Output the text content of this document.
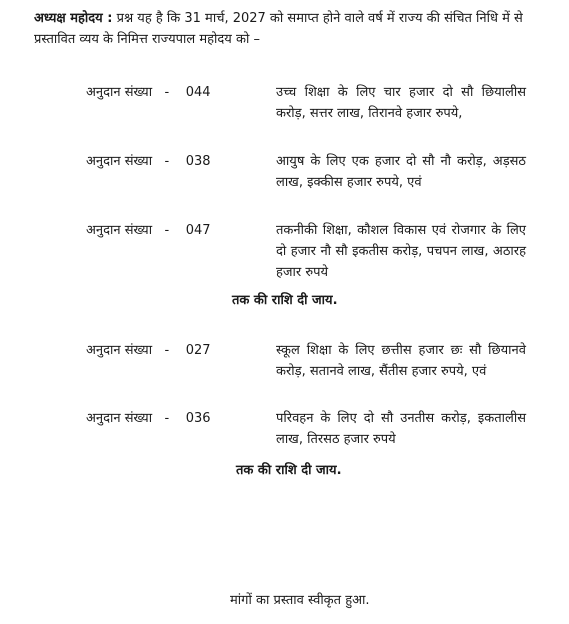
अध्यक्ष महोदय : प्रश्न यह है कि 31 मार्च, 2027 को समाप्त होने वाले वर्ष में राज्य की संचित निधि में से प्रस्तावित व्यय के निमित्त राज्यपाल महोदय को –
अनुदान संख्या - 044	उच्च शिक्षा के लिए चार हजार दो सौ छियालीस करोड़, सत्तर लाख, तिरानवे हजार रुपये,
अनुदान संख्या - 038	आयुष के लिए एक हजार दो सौ नौ करोड़, अड़सठ लाख, इक्कीस हजार रुपये, एवं
अनुदान संख्या - 047	तकनीकी शिक्षा, कौशल विकास एवं रोजगार के लिए दो हजार नौ सौ इकतीस करोड़, पचपन लाख, अठारह हजार रुपये
तक की राशि दी जाय.
अनुदान संख्या - 027	स्कूल शिक्षा के लिए छत्तीस हजार छः सौ छियानवे करोड़, सतानवे लाख, सैंतीस हजार रुपये, एवं
अनुदान संख्या - 036	परिवहन के लिए दो सौ उनतीस करोड़, इकतालीस लाख, तिरसठ हजार रुपये
तक की राशि दी जाय.
मांगों का प्रस्ताव स्वीकृत हुआ.
